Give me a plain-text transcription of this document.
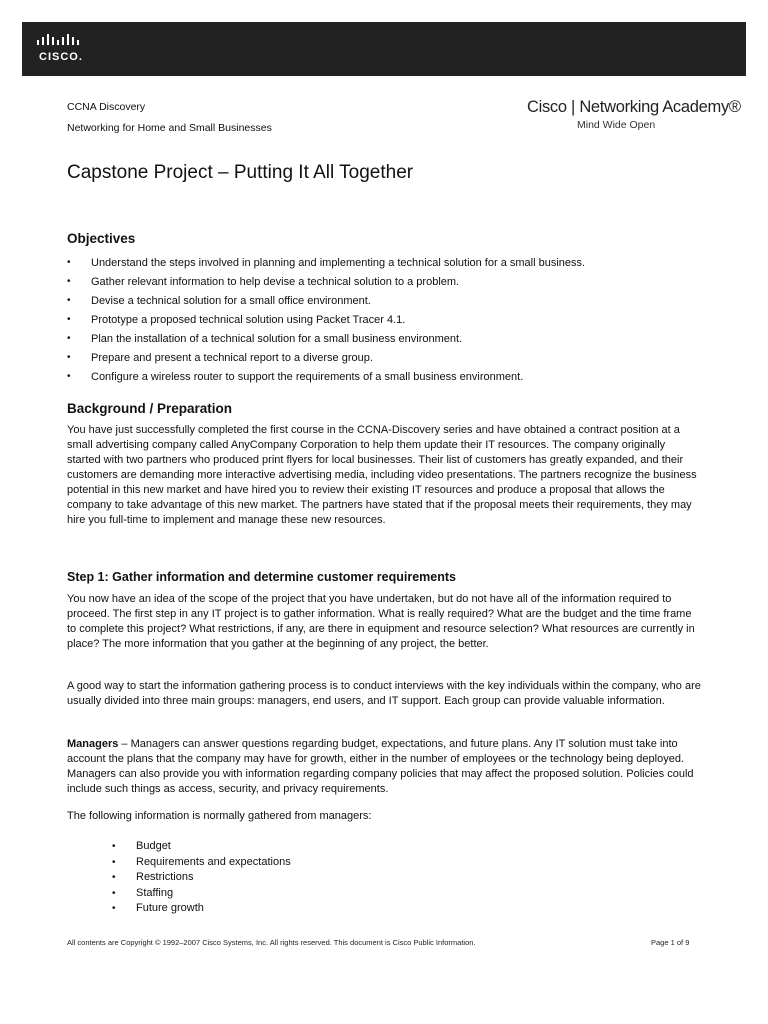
CISCO.
CCNA Discovery
Networking for Home and Small Businesses
Cisco | Networking Academy®
Mind Wide Open
Capstone Project – Putting It All Together
Objectives
• Understand the steps involved in planning and implementing a technical solution for a small business.
• Gather relevant information to help devise a technical solution to a problem.
• Devise a technical solution for a small office environment.
• Prototype a proposed technical solution using Packet Tracer 4.1.
• Plan the installation of a technical solution for a small business environment.
• Prepare and present a technical report to a diverse group.
• Configure a wireless router to support the requirements of a small business environment.
Background / Preparation

You have just successfully completed the first course in the CCNA-Discovery series and have obtained a contract position at a small advertising company called AnyCompany Corporation to help them update their IT resources. The company originally started with two partners who produced print flyers for local businesses. Their list of customers has greatly expanded, and their customers are demanding more interactive advertising media, including video presentations. The partners recognize the business potential in this new market and have hired you to review their existing IT resources and produce a proposal that allows the company to take advantage of this new market. The partners have stated that if the proposal meets their requirements, they may hire you full-time to implement and manage these new resources.

Step 1: Gather information and determine customer requirements

You now have an idea of the scope of the project that you have undertaken, but do not have all of the information required to proceed. The first step in any IT project is to gather information. What is really required? What are the budget and the time frame to complete this project? What restrictions, if any, are there in equipment and resource selection? What resources are currently in place? The more information that you gather at the beginning of any project, the better.

A good way to start the information gathering process is to conduct interviews with the key individuals within the company, who are usually divided into three main groups: managers, end users, and IT support. Each group can provide valuable information.

Managers – Managers can answer questions regarding budget, expectations, and future plans. Any IT solution must take into account the plans that the company may have for growth, either in the number of employees or the technology being deployed. Managers can also provide you with information regarding company policies that may affect the proposed solution. Policies could include such things as access, security, and privacy requirements.

The following information is normally gathered from managers:

• Budget
• Requirements and expectations
• Restrictions
• Staffing
• Future growth
All contents are Copyright © 1992–2007 Cisco Systems, Inc. All rights reserved. This document is Cisco Public Information.	Page 1 of 9
